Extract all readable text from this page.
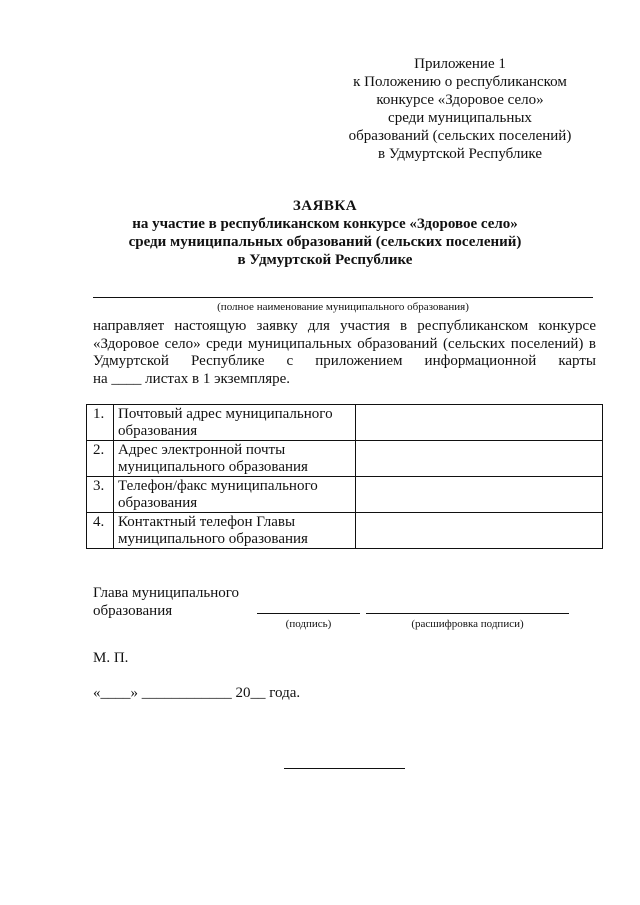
Приложение 1
к Положению о республиканском
конкурсе «Здоровое село»
среди муниципальных
образований (сельских поселений)
в Удмуртской Республике
ЗАЯВКА
на участие в республиканском конкурсе «Здоровое село»
среди муниципальных образований (сельских поселений)
в Удмуртской Республике
(полное наименование муниципального образования)
направляет настоящую заявку для участия в республиканском конкурсе
«Здоровое село» среди муниципальных образований (сельских поселений) в
Удмуртской Республике с приложением информационной карты
на ____ листах в 1 экземпляре.
1.	Почтовый адрес муниципального
образования	

2.	Адрес электронной почты
муниципального образования	

3.	Телефон/факс муниципального
образования	

4.	Контактный телефон Главы
муниципального образования	

Глава муниципального
образования
(подпись)	(расшифровка подписи)
М. П.
«____» ____________ 20__ года.
